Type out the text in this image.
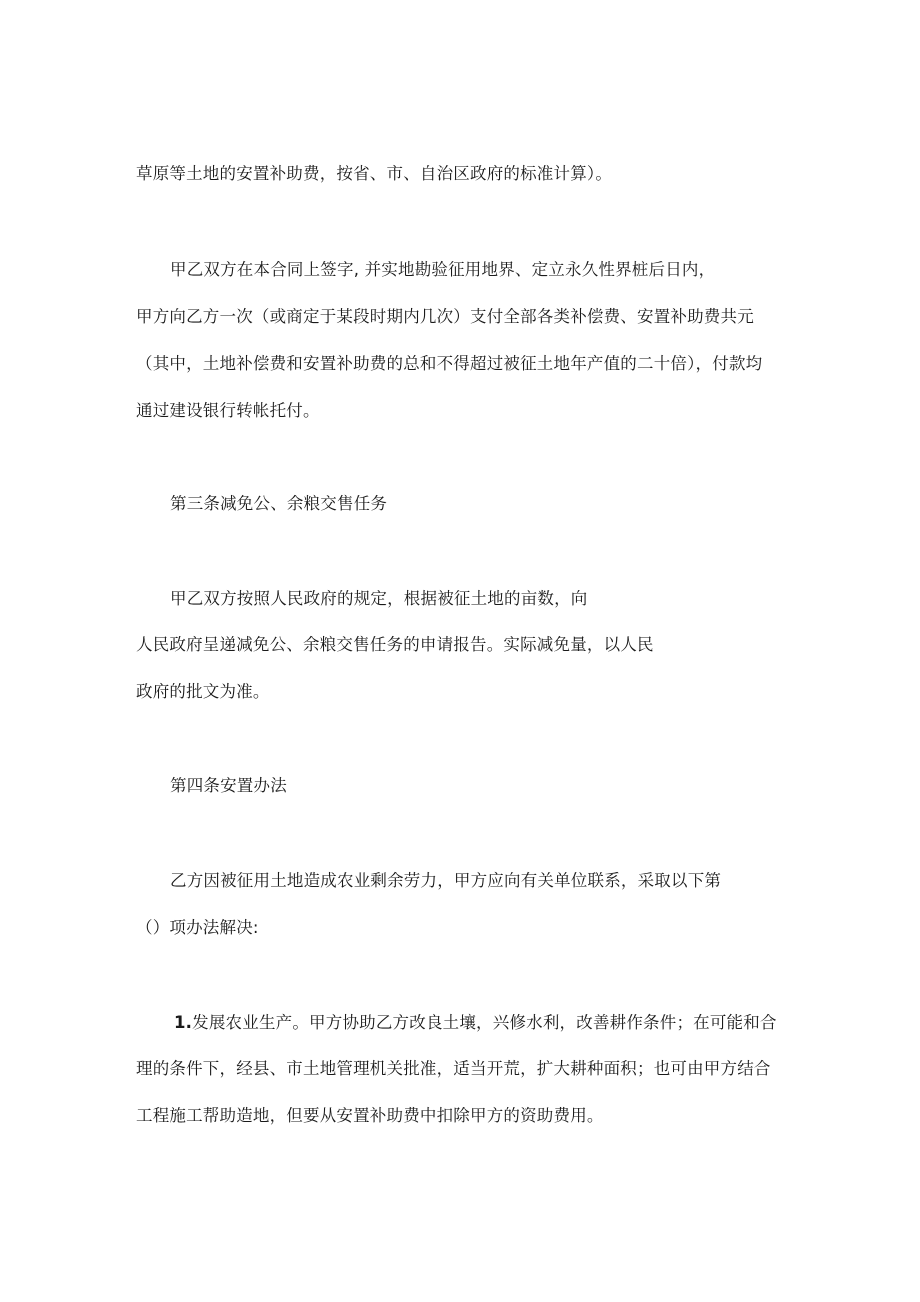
草原等土地的安置补助费，按省、市、自治区政府的标准计算）。
甲乙双方在本合同上签字, 并实地勘验征用地界、定立永久性界桩后日内，
甲方向乙方一次（或商定于某段时期内几次）支付全部各类补偿费、安置补助费共元
（其中，土地补偿费和安置补助费的总和不得超过被征土地年产值的二十倍），付款均
通过建设银行转帐托付。
第三条减免公、余粮交售任务
甲乙双方按照人民政府的规定，根据被征土地的亩数，向
人民政府呈递减免公、余粮交售任务的申请报告。实际减免量，以人民
政府的批文为准。
第四条安置办法
乙方因被征用土地造成农业剩余劳力，甲方应向有关单位联系，采取以下第
（）项办法解决:
1.发展农业生产。甲方协助乙方改良土壤，兴修水利，改善耕作条件；在可能和合
理的条件下，经县、市土地管理机关批准，适当开荒，扩大耕种面积；也可由甲方结合
工程施工帮助造地，但要从安置补助费中扣除甲方的资助费用。
